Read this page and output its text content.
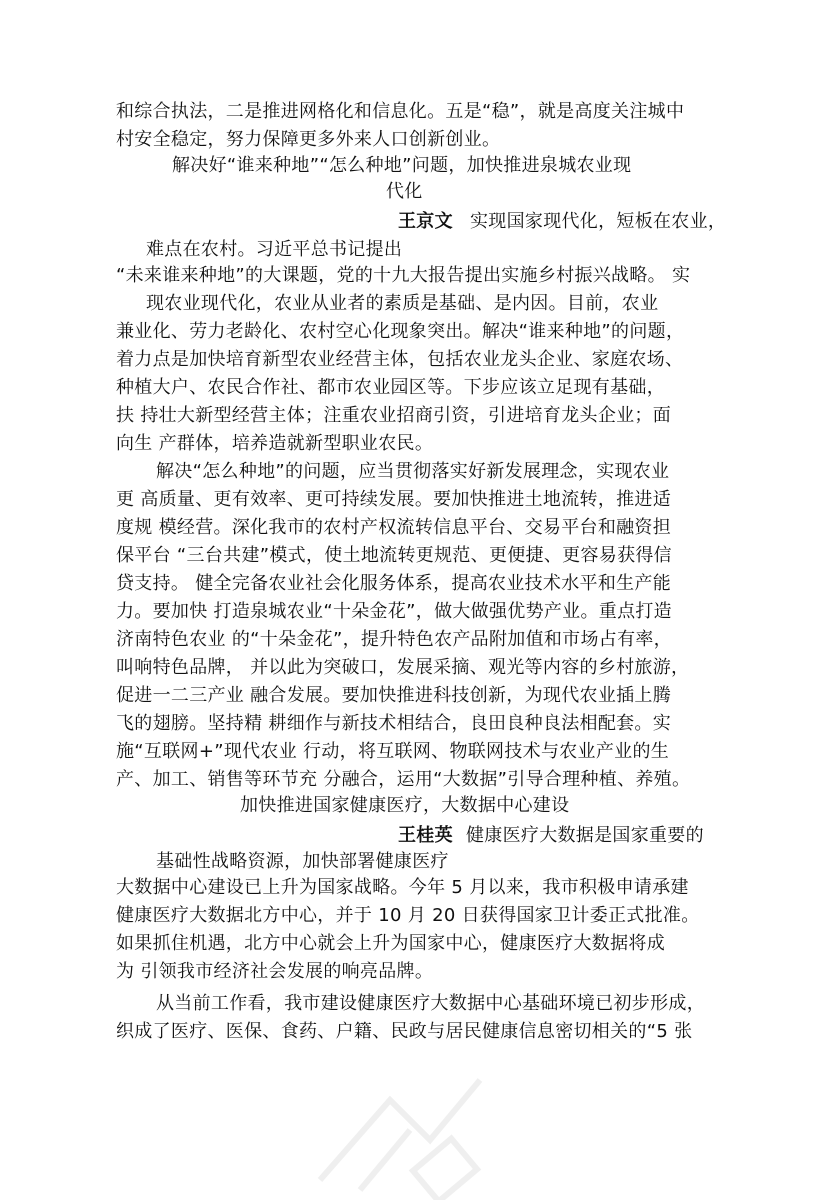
和综合执法，二是推进网格化和信息化。五是“稳”，就是高度关注城中
村安全稳定，努力保障更多外来人口创新创业。
解决好“谁来种地”“怎么种地”问题，加快推进泉城农业现
代化
王京文 实现国家现代化，短板在农业，
难点在农村。习近平总书记提出
“未来谁来种地”的大课题，党的十九大报告提出实施乡村振兴战略。 实
现农业现代化，农业从业者的素质是基础、是内因。目前，农业
兼业化、劳力老龄化、农村空心化现象突出。解决“谁来种地”的问题，
着力点是加快培育新型农业经营主体，包括农业龙头企业、家庭农场、
种植大户、农民合作社、都市农业园区等。下步应该立足现有基础，
扶 持壮大新型经营主体；注重农业招商引资，引进培育龙头企业；面
向生 产群体，培养造就新型职业农民。
解决“怎么种地”的问题，应当贯彻落实好新发展理念，实现农业
更 高质量、更有效率、更可持续发展。要加快推进土地流转，推进适
度规 模经营。深化我市的农村产权流转信息平台、交易平台和融资担
保平台 “三台共建”模式，使土地流转更规范、更便捷、更容易获得信
贷支持。 健全完备农业社会化服务体系，提高农业技术水平和生产能
力。要加快 打造泉城农业“十朵金花”，做大做强优势产业。重点打造
济南特色农业 的“十朵金花”，提升特色农产品附加值和市场占有率，
叫响特色品牌， 并以此为突破口，发展采摘、观光等内容的乡村旅游，
促进一二三产业 融合发展。要加快推进科技创新，为现代农业插上腾
飞的翅膀。坚持精 耕细作与新技术相结合，良田良种良法相配套。实
施“互联网+”现代农业 行动，将互联网、物联网技术与农业产业的生
产、加工、销售等环节充 分融合，运用“大数据”引导合理种植、养殖。
加快推进国家健康医疗，大数据中心建设
王桂英 健康医疗大数据是国家重要的
基础性战略资源，加快部署健康医疗
大数据中心建设已上升为国家战略。今年 5 月以来，我市积极申请承建
健康医疗大数据北方中心，并于 10 月 20 日获得国家卫计委正式批准。
如果抓住机遇，北方中心就会上升为国家中心，健康医疗大数据将成
为 引领我市经济社会发展的响亮品牌。
从当前工作看，我市建设健康医疗大数据中心基础环境已初步形成，
织成了医疗、医保、食药、户籍、民政与居民健康信息密切相关的“5 张
